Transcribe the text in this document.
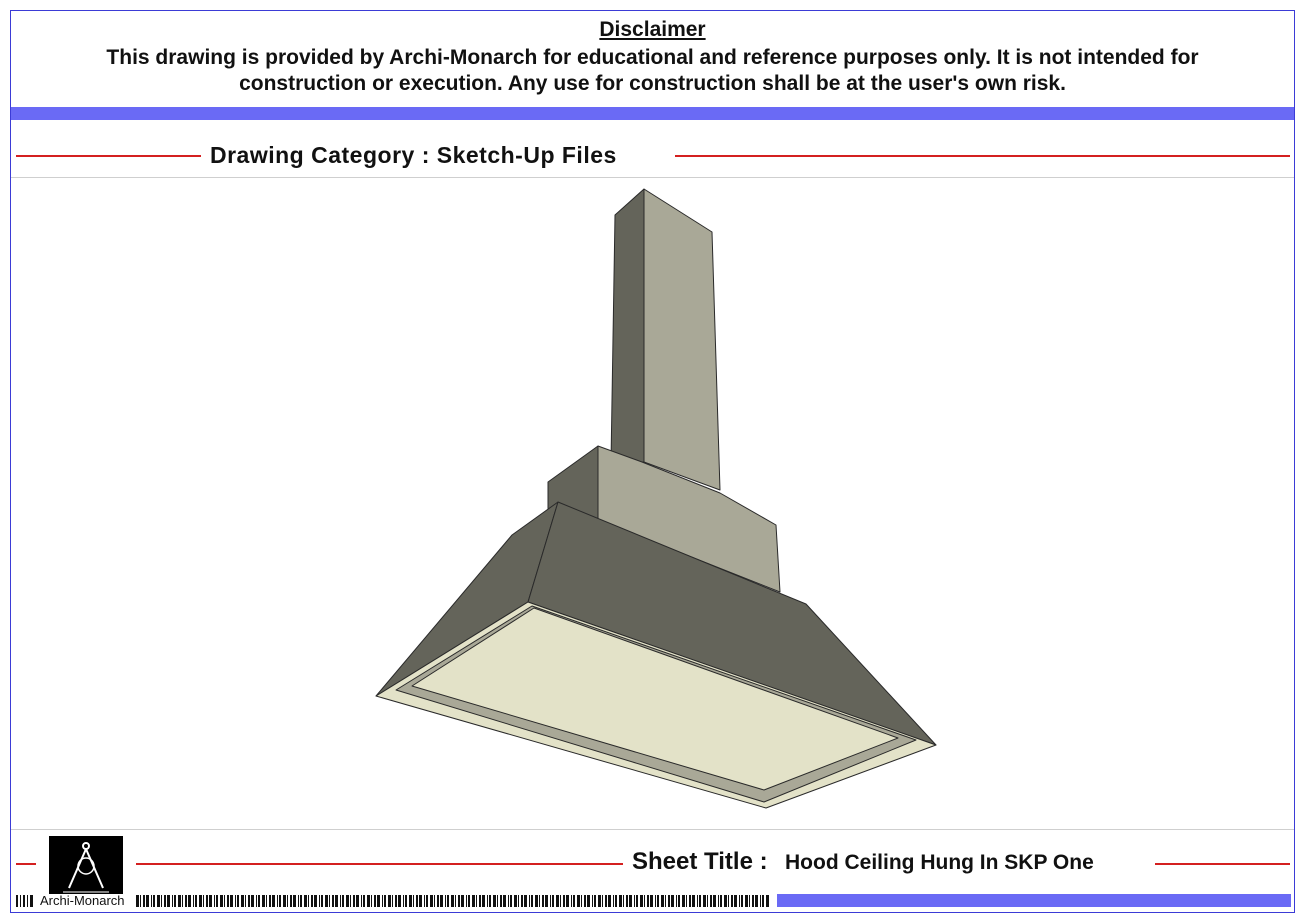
Disclaimer
This drawing is provided by Archi-Monarch for educational and reference purposes only. It is not intended for
construction or execution. Any use for construction shall be at the user's own risk.
Drawing Category : Sketch-Up Files
Archi-Monarch
Sheet Title : Hood Ceiling Hung In SKP One
